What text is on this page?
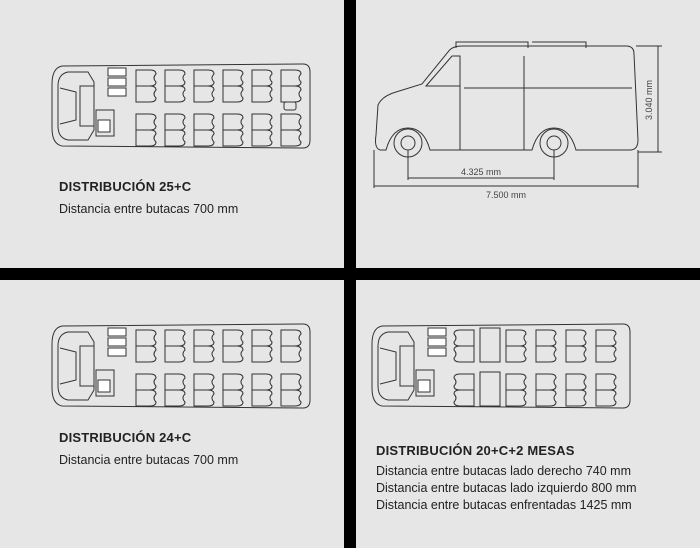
DISTRIBUCIÓN 25+C
Distancia entre butacas 700 mm
4.325 mm
7.500 mm
3.040 mm
DISTRIBUCIÓN 24+C
Distancia entre butacas 700 mm
DISTRIBUCIÓN 20+C+2 MESAS
Distancia entre butacas lado derecho 740 mm Distancia entre butacas lado izquierdo 800 mm Distancia entre butacas enfrentadas 1425 mm
